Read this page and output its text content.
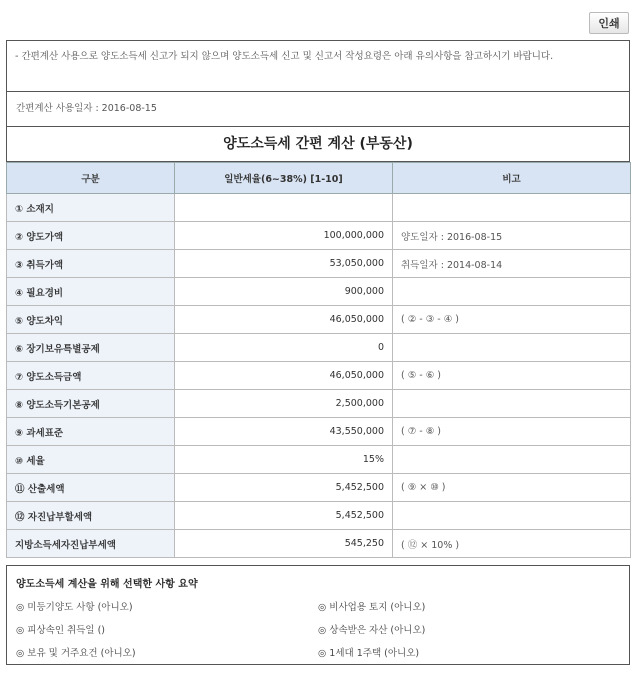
인쇄
- 간편계산 사용으로 양도소득세 신고가 되지 않으며 양도소득세 신고 및 신고서 작성요령은 아래 유의사항을 참고하시기 바랍니다.
간편계산 사용일자 : 2016-08-15
양도소득세 간편 계산 (부동산)
구분	일반세율(6~38%) [1-10]	비고
① 소재지		
② 양도가액	100,000,000	양도일자 : 2016-08-15
③ 취득가액	53,050,000	취득일자 : 2014-08-14
④ 필요경비	900,000	
⑤ 양도차익	46,050,000	( ② - ③ - ④ )
⑥ 장기보유특별공제	0	
⑦ 양도소득금액	46,050,000	( ⑤ - ⑥ )
⑧ 양도소득기본공제	2,500,000	
⑨ 과세표준	43,550,000	( ⑦ - ⑧ )
⑩ 세율	15%	
⑪ 산출세액	5,452,500	( ⑨ × ⑩ )
⑫ 자진납부할세액	5,452,500	
지방소득세자진납부세액	545,250	( ⑫ × 10% )
양도소득세 계산을 위해 선택한 사항 요약
◎ 미등기양도 사항 (아니오)	◎ 비사업용 토지 (아니오)
◎ 피상속인 취득일 ()	◎ 상속받은 자산 (아니오)
◎ 보유 및 거주요건 (아니오)	◎ 1세대 1주택 (아니오)
